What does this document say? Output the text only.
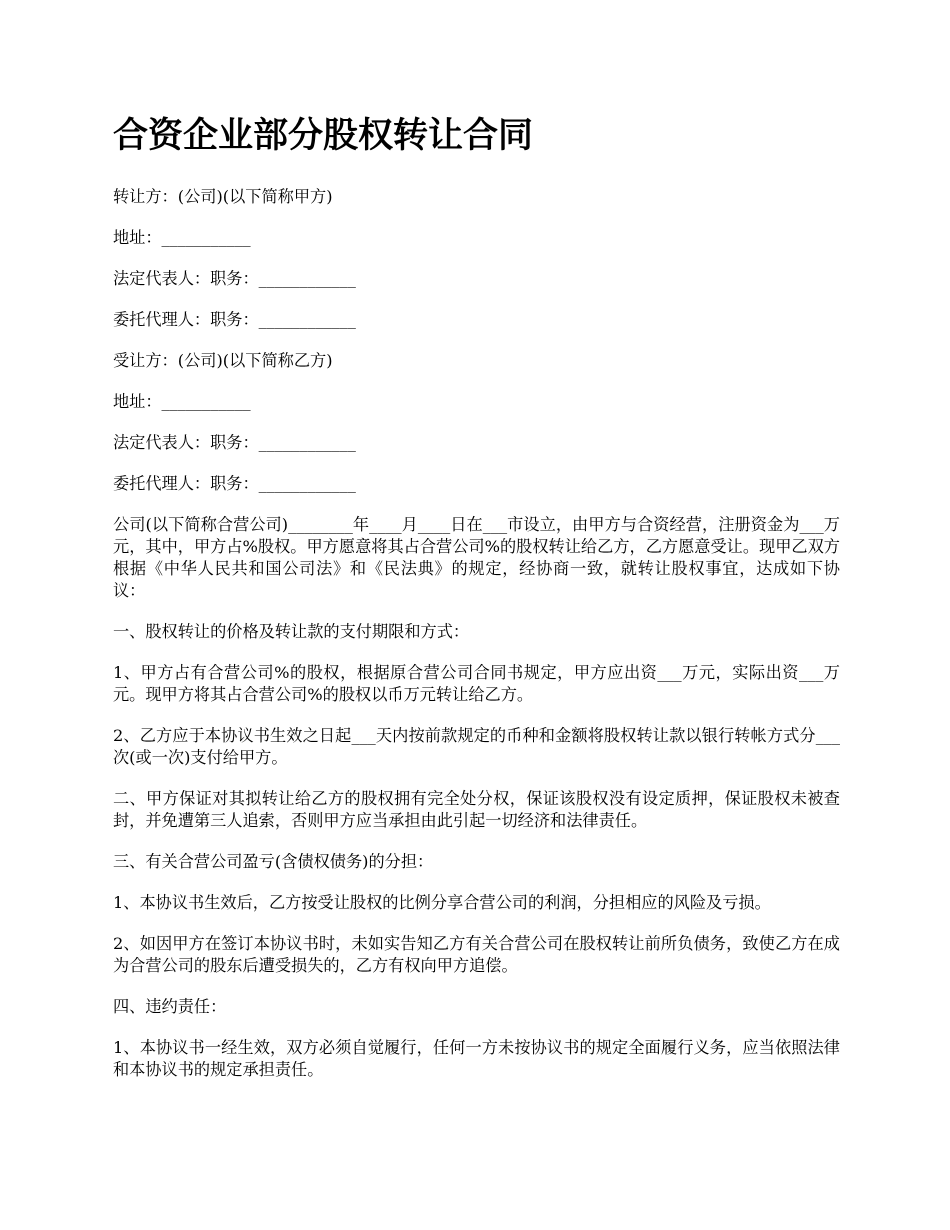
合资企业部分股权转让合同

转让方：(公司)(以下简称甲方)

地址：___________

法定代表人：职务：____________

委托代理人：职务：____________

受让方：(公司)(以下简称乙方)

地址：___________

法定代表人：职务：____________

委托代理人：职务：____________

公司(以下简称合营公司)________年____月____日在___市设立，由甲方与合资经营，注册资金为___万元，其中，甲方占%股权。甲方愿意将其占合营公司%的股权转让给乙方，乙方愿意受让。现甲乙双方根据《中华人民共和国公司法》和《民法典》的规定，经协商一致，就转让股权事宜，达成如下协议：

一、股权转让的价格及转让款的支付期限和方式：

1、甲方占有合营公司%的股权，根据原合营公司合同书规定，甲方应出资___万元，实际出资___万元。现甲方将其占合营公司%的股权以币万元转让给乙方。

2、乙方应于本协议书生效之日起___天内按前款规定的币种和金额将股权转让款以银行转帐方式分___次(或一次)支付给甲方。

二、甲方保证对其拟转让给乙方的股权拥有完全处分权，保证该股权没有设定质押，保证股权未被查封，并免遭第三人追索，否则甲方应当承担由此引起一切经济和法律责任。

三、有关合营公司盈亏(含债权债务)的分担：

1、本协议书生效后，乙方按受让股权的比例分享合营公司的利润，分担相应的风险及亏损。

2、如因甲方在签订本协议书时，未如实告知乙方有关合营公司在股权转让前所负债务，致使乙方在成为合营公司的股东后遭受损失的，乙方有权向甲方追偿。

四、违约责任：

1、本协议书一经生效，双方必须自觉履行，任何一方未按协议书的规定全面履行义务，应当依照法律和本协议书的规定承担责任。
